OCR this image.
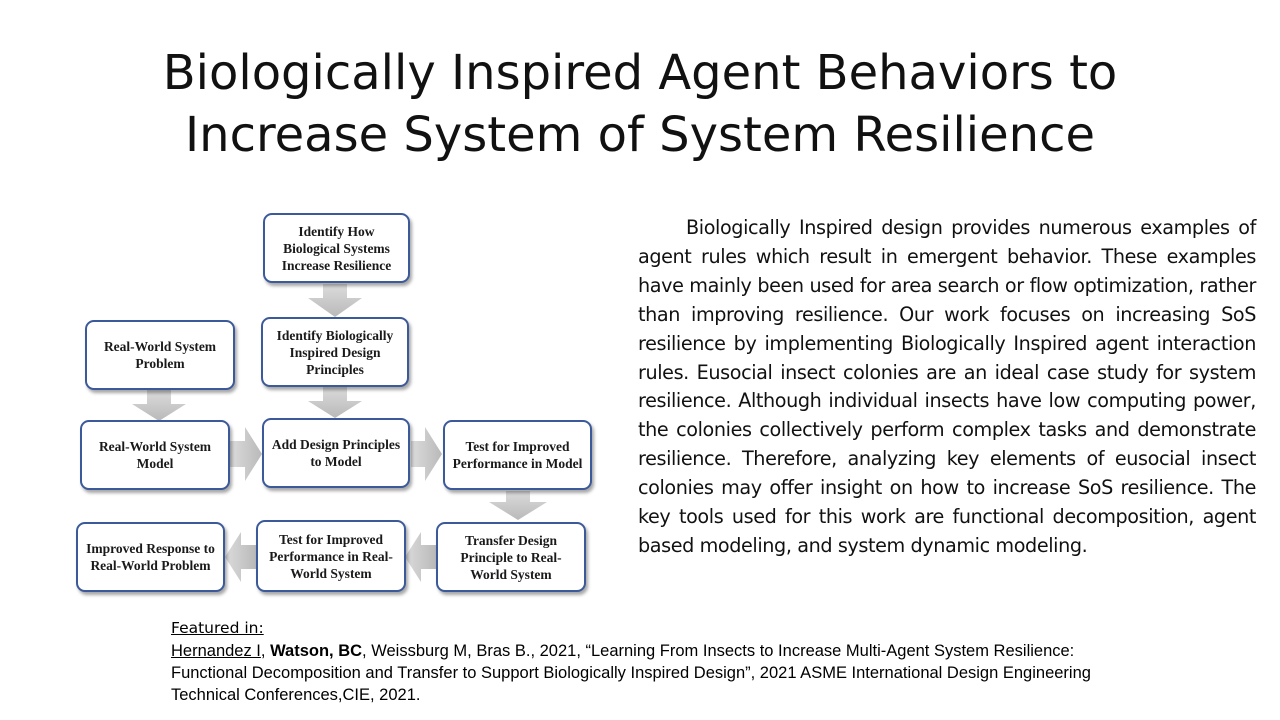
Biologically Inspired Agent Behaviors to
Increase System of System Resilience
Identify How Biological Systems Increase Resilience
Identify Biologically Inspired Design Principles
Real-World System Problem
Real-World System Model
Add Design Principles to Model
Test for Improved Performance in Model
Transfer Design Principle to Real-World System
Test for Improved Performance in Real-World System
Improved Response to Real-World Problem

Biologically Inspired design provides numerous examples of agent rules which result in emergent behavior. These examples have mainly been used for area search or flow optimization, rather than improving resilience. Our work focuses on increasing SoS resilience by implementing Biologically Inspired agent interaction rules. Eusocial insect colonies are an ideal case study for system resilience. Although individual insects have low computing power, the colonies collectively perform complex tasks and demonstrate resilience. Therefore, analyzing key elements of eusocial insect colonies may offer insight on how to increase SoS resilience. The key tools used for this work are functional decomposition, agent based modeling, and system dynamic modeling.

Featured in:
Hernandez I, Watson, BC, Weissburg M, Bras B., 2021, “Learning From Insects to Increase Multi-Agent System Resilience: Functional Decomposition and Transfer to Support Biologically Inspired Design”, 2021 ASME International Design Engineering Technical Conferences,CIE, 2021.
